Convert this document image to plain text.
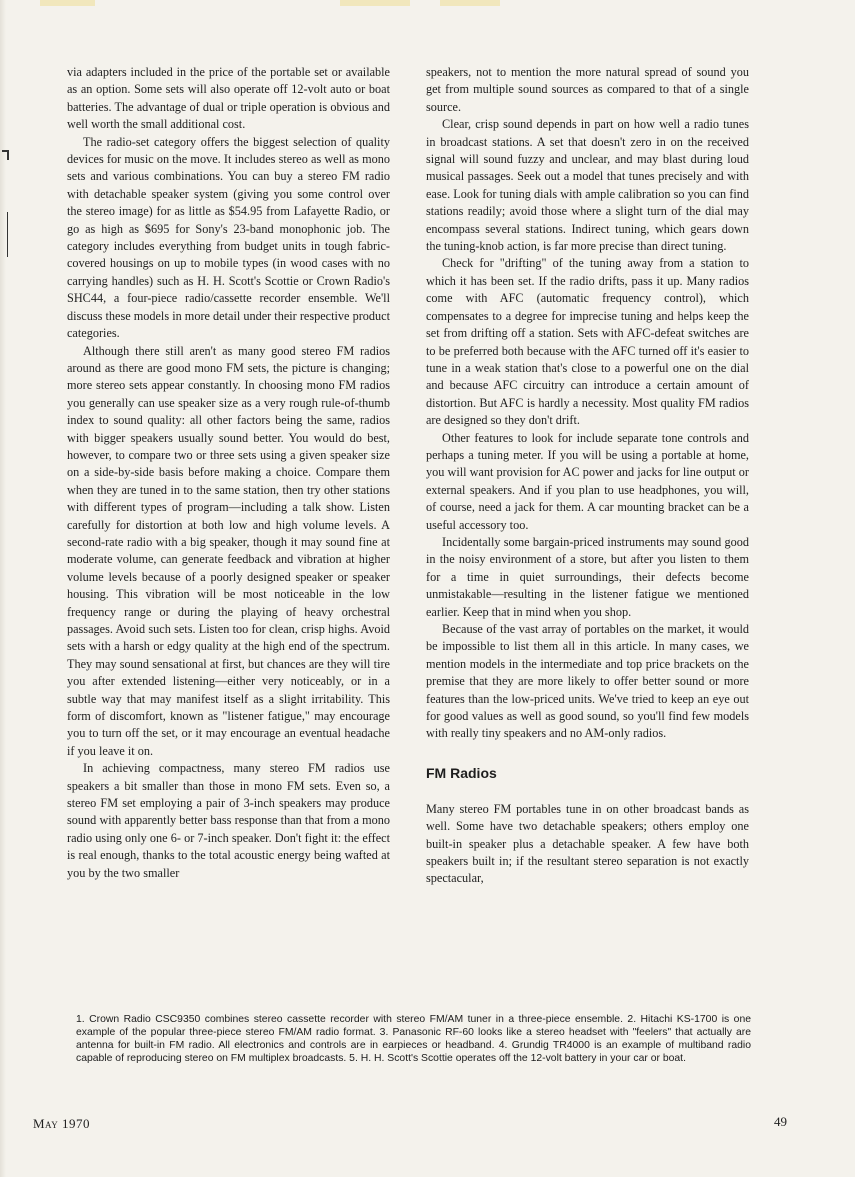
via adapters included in the price of the portable set or available as an option. Some sets will also operate off 12-volt auto or boat batteries. The advantage of dual or triple operation is obvious and well worth the small additional cost.

The radio-set category offers the biggest selection of quality devices for music on the move. It includes stereo as well as mono sets and various combinations. You can buy a stereo FM radio with detachable speaker system (giving you some control over the stereo image) for as little as $54.95 from Lafayette Radio, or go as high as $695 for Sony's 23-band monophonic job. The category includes everything from budget units in tough fabric-covered housings on up to mobile types (in wood cases with no carrying handles) such as H. H. Scott's Scottie or Crown Radio's SHC44, a four-piece radio/cassette recorder ensemble. We'll discuss these models in more detail under their respective product categories.

Although there still aren't as many good stereo FM radios around as there are good mono FM sets, the picture is changing; more stereo sets appear constantly. In choosing mono FM radios you generally can use speaker size as a very rough rule-of-thumb index to sound quality: all other factors being the same, radios with bigger speakers usually sound better. You would do best, however, to compare two or three sets using a given speaker size on a side-by-side basis before making a choice. Compare them when they are tuned in to the same station, then try other stations with different types of program—including a talk show. Listen carefully for distortion at both low and high volume levels. A second-rate radio with a big speaker, though it may sound fine at moderate volume, can generate feedback and vibration at higher volume levels because of a poorly designed speaker or speaker housing. This vibration will be most noticeable in the low frequency range or during the playing of heavy orchestral passages. Avoid such sets. Listen too for clean, crisp highs. Avoid sets with a harsh or edgy quality at the high end of the spectrum. They may sound sensational at first, but chances are they will tire you after extended listening—either very noticeably, or in a subtle way that may manifest itself as a slight irritability. This form of discomfort, known as "listener fatigue," may encourage you to turn off the set, or it may encourage an eventual headache if you leave it on.

In achieving compactness, many stereo FM radios use speakers a bit smaller than those in mono FM sets. Even so, a stereo FM set employing a pair of 3-inch speakers may produce sound with apparently better bass response than that from a mono radio using only one 6- or 7-inch speaker. Don't fight it: the effect is real enough, thanks to the total acoustic energy being wafted at you by the two smaller

speakers, not to mention the more natural spread of sound you get from multiple sound sources as compared to that of a single source.

Clear, crisp sound depends in part on how well a radio tunes in broadcast stations. A set that doesn't zero in on the received signal will sound fuzzy and unclear, and may blast during loud musical passages. Seek out a model that tunes precisely and with ease. Look for tuning dials with ample calibration so you can find stations readily; avoid those where a slight turn of the dial may encompass several stations. Indirect tuning, which gears down the tuning-knob action, is far more precise than direct tuning.

Check for "drifting" of the tuning away from a station to which it has been set. If the radio drifts, pass it up. Many radios come with AFC (automatic frequency control), which compensates to a degree for imprecise tuning and helps keep the set from drifting off a station. Sets with AFC-defeat switches are to be preferred both because with the AFC turned off it's easier to tune in a weak station that's close to a powerful one on the dial and because AFC circuitry can introduce a certain amount of distortion. But AFC is hardly a necessity. Most quality FM radios are designed so they don't drift.

Other features to look for include separate tone controls and perhaps a tuning meter. If you will be using a portable at home, you will want provision for AC power and jacks for line output or external speakers. And if you plan to use headphones, you will, of course, need a jack for them. A car mounting bracket can be a useful accessory too.

Incidentally some bargain-priced instruments may sound good in the noisy environment of a store, but after you listen to them for a time in quiet surroundings, their defects become unmistakable—resulting in the listener fatigue we mentioned earlier. Keep that in mind when you shop.

Because of the vast array of portables on the market, it would be impossible to list them all in this article. In many cases, we mention models in the intermediate and top price brackets on the premise that they are more likely to offer better sound or more features than the low-priced units. We've tried to keep an eye out for good values as well as good sound, so you'll find few models with really tiny speakers and no AM-only radios.

FM Radios

Many stereo FM portables tune in on other broadcast bands as well. Some have two detachable speakers; others employ one built-in speaker plus a detachable speaker. A few have both speakers built in; if the resultant stereo separation is not exactly spectacular,

1. Crown Radio CSC9350 combines stereo cassette recorder with stereo FM/AM tuner in a three-piece ensemble. 2. Hitachi KS-1700 is one example of the popular three-piece stereo FM/AM radio format. 3. Panasonic RF-60 looks like a stereo headset with "feelers" that actually are antenna for built-in FM radio. All electronics and controls are in earpieces or headband. 4. Grundig TR4000 is an example of multiband radio capable of reproducing stereo on FM multiplex broadcasts. 5. H. H. Scott's Scottie operates off the 12-volt battery in your car or boat.
May 1970	49
